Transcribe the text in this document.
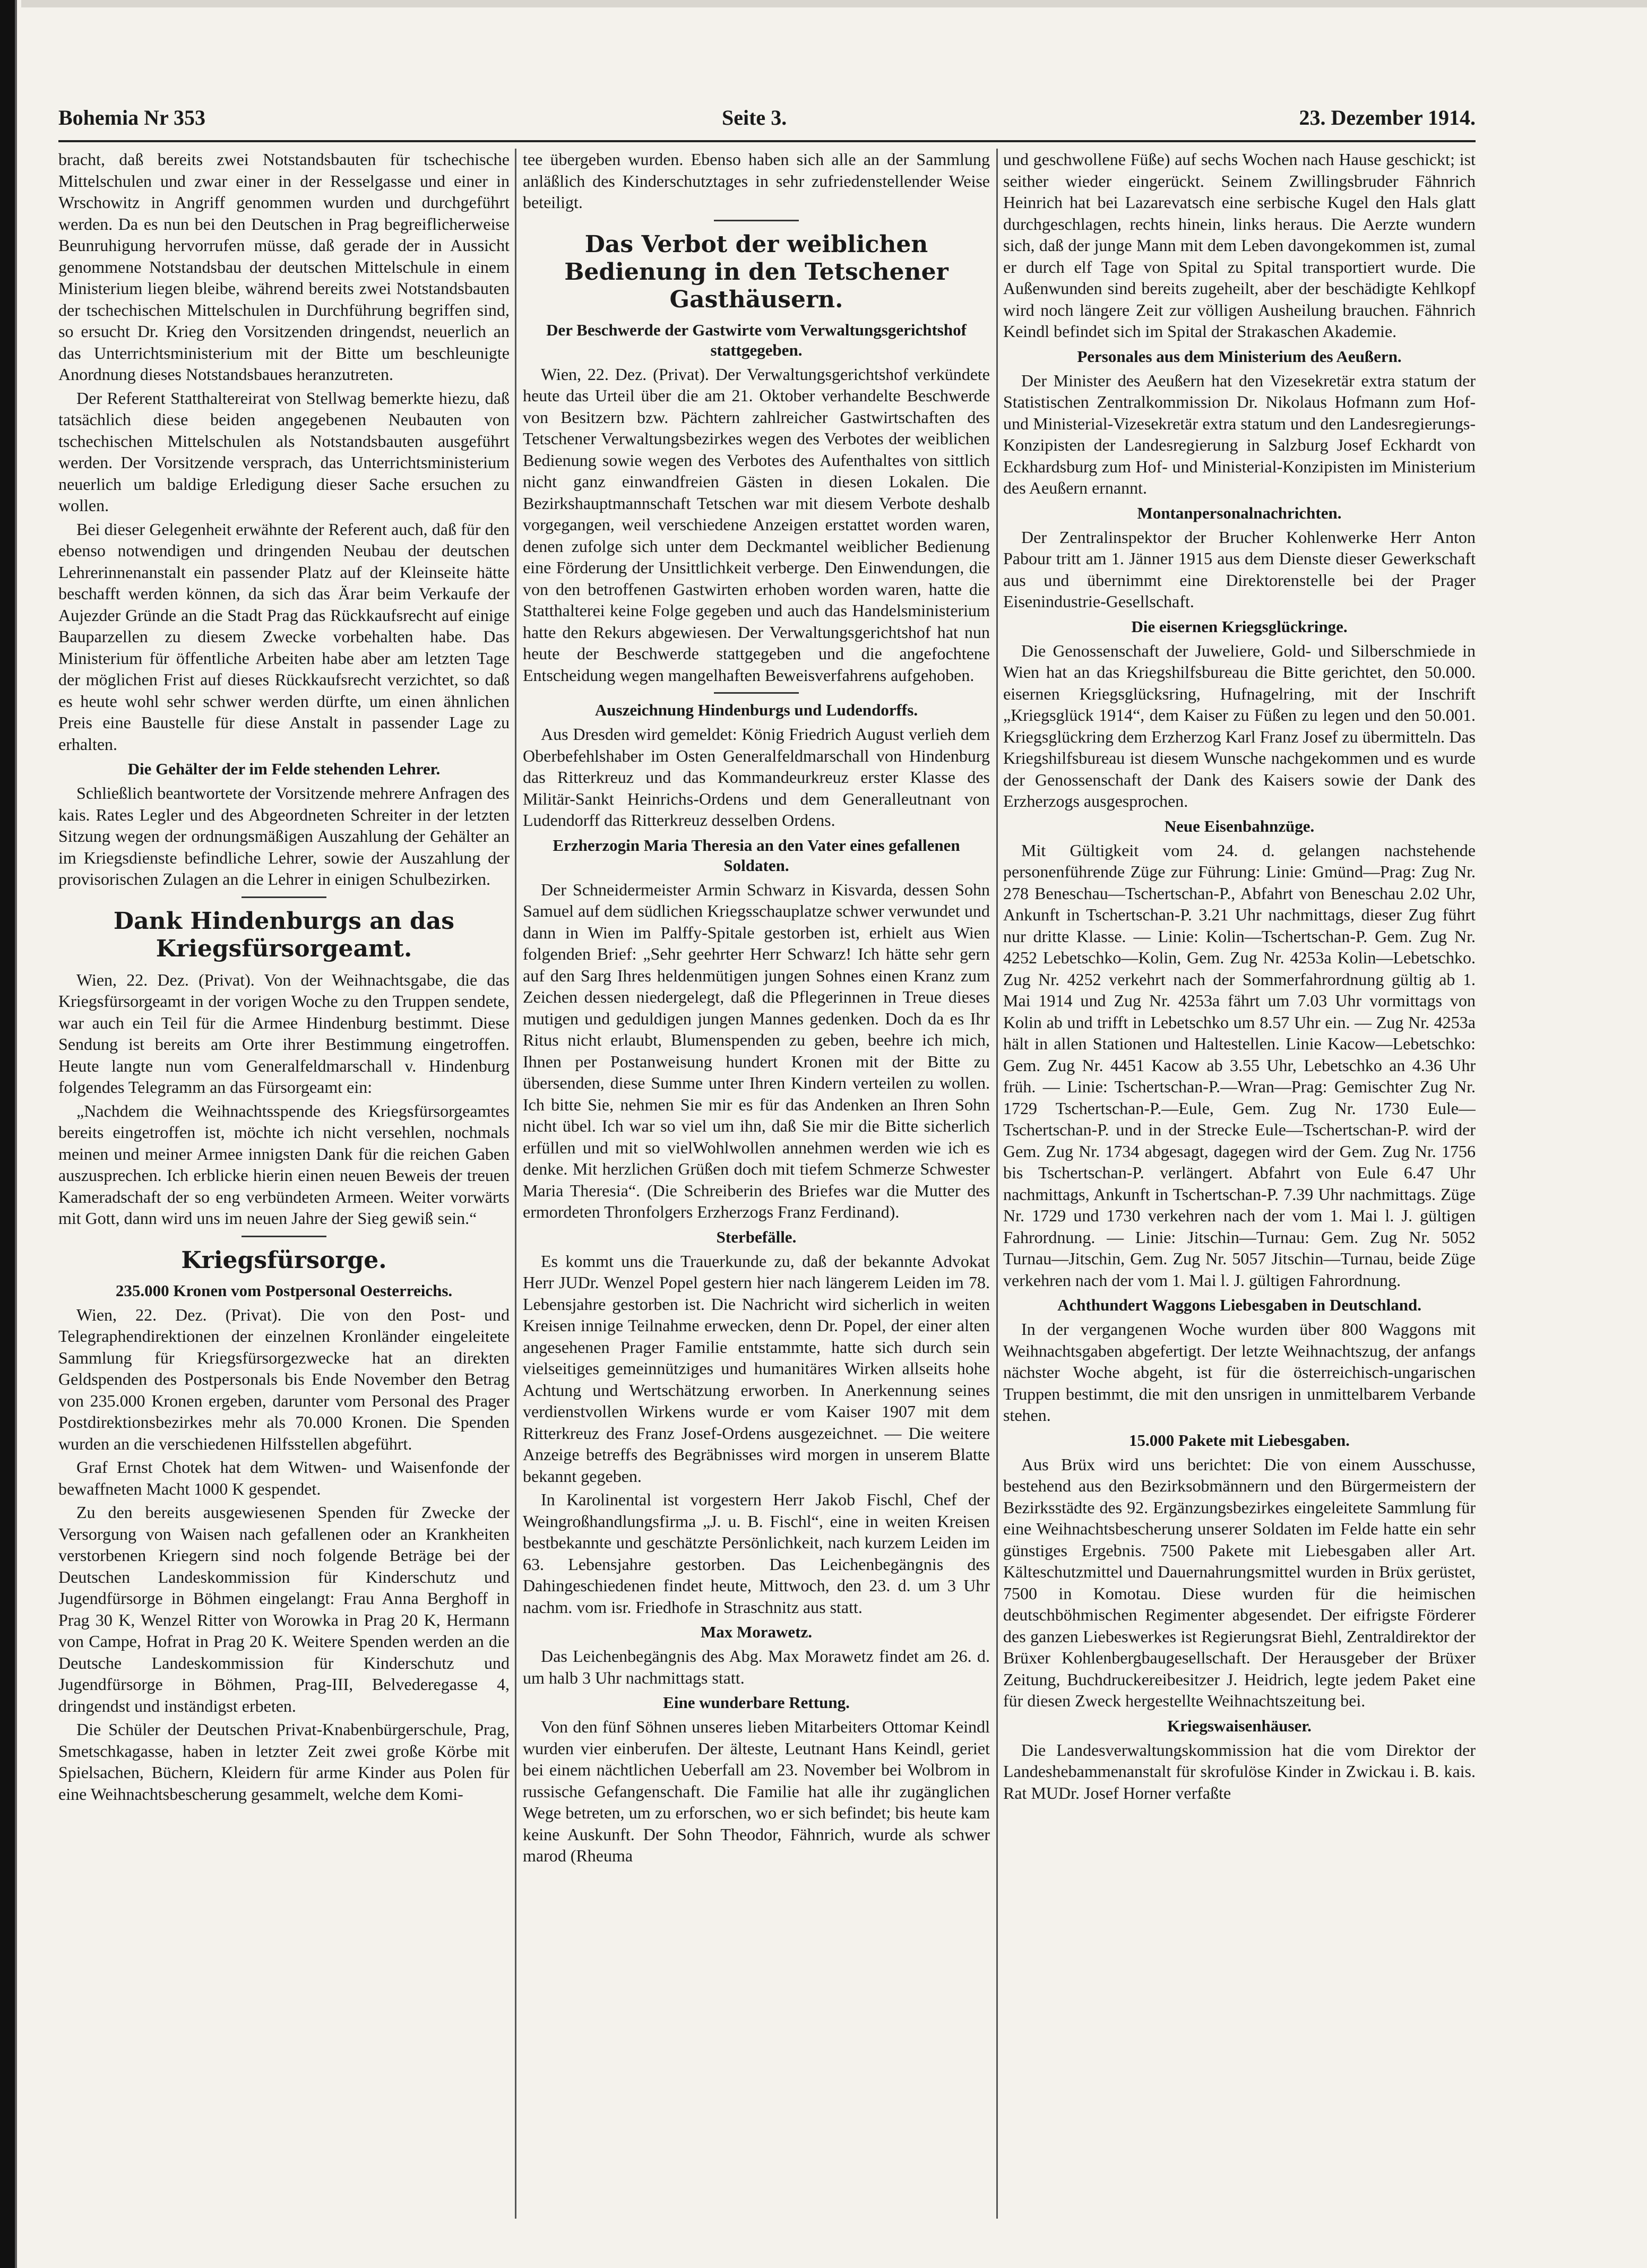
Bohemia Nr 353	Seite 3.	23. Dezember 1914.

bracht, daß bereits zwei Notstandsbauten für tschechische Mittelschulen und zwar einer in der Resselgasse und einer in Wrschowitz in Angriff genommen wurden und durchgeführt werden. Da es nun bei den Deutschen in Prag begreiflicherweise Beunruhigung hervorrufen müsse, daß gerade der in Aussicht genommene Notstandsbau der deutschen Mittelschule in einem Ministerium liegen bleibe, während bereits zwei Notstandsbauten der tschechischen Mittelschulen in Durchführung begriffen sind, so ersucht Dr. Krieg den Vorsitzenden dringendst, neuerlich an das Unterrichtsministerium mit der Bitte um beschleunigte Anordnung dieses Notstandsbaues heranzutreten.

Der Referent Statthaltereirat von Stellwag bemerkte hiezu, daß tatsächlich diese beiden angegebenen Neubauten von tschechischen Mittelschulen als Notstandsbauten ausgeführt werden. Der Vorsitzende versprach, das Unterrichtsministerium neuerlich um baldige Erledigung dieser Sache ersuchen zu wollen.

Bei dieser Gelegenheit erwähnte der Referent auch, daß für den ebenso notwendigen und dringenden Neubau der deutschen Lehrerinnenanstalt ein passender Platz auf der Kleinseite hätte beschafft werden können, da sich das Ärar beim Verkaufe der Aujezder Gründe an die Stadt Prag das Rückkaufsrecht auf einige Bauparzellen zu diesem Zwecke vorbehalten habe. Das Ministerium für öffentliche Arbeiten habe aber am letzten Tage der möglichen Frist auf dieses Rückkaufsrecht verzichtet, so daß es heute wohl sehr schwer werden dürfte, um einen ähnlichen Preis eine Baustelle für diese Anstalt in passender Lage zu erhalten.

Die Gehälter der im Felde stehenden Lehrer.

Schließlich beantwortete der Vorsitzende mehrere Anfragen des kais. Rates Legler und des Abgeordneten Schreiter in der letzten Sitzung wegen der ordnungsmäßigen Auszahlung der Gehälter an im Kriegsdienste befindliche Lehrer, sowie der Auszahlung der provisorischen Zulagen an die Lehrer in einigen Schulbezirken.

Dank Hindenburgs an das Kriegsfürsorgeamt.

Wien, 22. Dez. (Privat). Von der Weihnachtsgabe, die das Kriegsfürsorgeamt in der vorigen Woche zu den Truppen sendete, war auch ein Teil für die Armee Hindenburg bestimmt. Diese Sendung ist bereits am Orte ihrer Bestimmung eingetroffen. Heute langte nun vom Generalfeldmarschall v. Hindenburg folgendes Telegramm an das Fürsorgeamt ein:

„Nachdem die Weihnachtsspende des Kriegsfürsorgeamtes bereits eingetroffen ist, möchte ich nicht versehlen, nochmals meinen und meiner Armee innigsten Dank für die reichen Gaben auszusprechen. Ich erblicke hierin einen neuen Beweis der treuen Kameradschaft der so eng verbündeten Armeen. Weiter vorwärts mit Gott, dann wird uns im neuen Jahre der Sieg gewiß sein.“

Kriegsfürsorge.
235.000 Kronen vom Postpersonal Oesterreichs.

Wien, 22. Dez. (Privat). Die von den Post- und Telegraphendirektionen der einzelnen Kronländer eingeleitete Sammlung für Kriegsfürsorgezwecke hat an direkten Geldspenden des Postpersonals bis Ende November den Betrag von 235.000 Kronen ergeben, darunter vom Personal des Prager Postdirektionsbezirkes mehr als 70.000 Kronen. Die Spenden wurden an die verschiedenen Hilfsstellen abgeführt.

Graf Ernst Chotek hat dem Witwen- und Waisenfonde der bewaffneten Macht 1000 K gespendet.

Zu den bereits ausgewiesenen Spenden für Zwecke der Versorgung von Waisen nach gefallenen oder an Krankheiten verstorbenen Kriegern sind noch folgende Beträge bei der Deutschen Landeskommission für Kinderschutz und Jugendfürsorge in Böhmen eingelangt: Frau Anna Berghoff in Prag 30 K, Wenzel Ritter von Worowka in Prag 20 K, Hermann von Campe, Hofrat in Prag 20 K. Weitere Spenden werden an die Deutsche Landeskommission für Kinderschutz und Jugendfürsorge in Böhmen, Prag-III, Belvederegasse 4, dringendst und inständigst erbeten.

Die Schüler der Deutschen Privat-Knabenbürgerschule, Prag, Smetschkagasse, haben in letzter Zeit zwei große Körbe mit Spielsachen, Büchern, Kleidern für arme Kinder aus Polen für eine Weihnachtsbescherung gesammelt, welche dem Komi-

tee übergeben wurden. Ebenso haben sich alle an der Sammlung anläßlich des Kinderschutztages in sehr zufriedenstellender Weise beteiligt.

Das Verbot der weiblichen Bedienung in den Tetschener Gasthäusern.
Der Beschwerde der Gastwirte vom Verwaltungsgerichtshof stattgegeben.

Wien, 22. Dez. (Privat). Der Verwaltungsgerichtshof verkündete heute das Urteil über die am 21. Oktober verhandelte Beschwerde von Besitzern bzw. Pächtern zahlreicher Gastwirtschaften des Tetschener Verwaltungsbezirkes wegen des Verbotes der weiblichen Bedienung sowie wegen des Verbotes des Aufenthaltes von sittlich nicht ganz einwandfreien Gästen in diesen Lokalen. Die Bezirkshauptmannschaft Tetschen war mit diesem Verbote deshalb vorgegangen, weil verschiedene Anzeigen erstattet worden waren, denen zufolge sich unter dem Deckmantel weiblicher Bedienung eine Förderung der Unsittlichkeit verberge. Den Einwendungen, die von den betroffenen Gastwirten erhoben worden waren, hatte die Statthalterei keine Folge gegeben und auch das Handelsministerium hatte den Rekurs abgewiesen. Der Verwaltungsgerichtshof hat nun heute der Beschwerde stattgegeben und die angefochtene Entscheidung wegen mangelhaften Beweisverfahrens aufgehoben.

Auszeichnung Hindenburgs und Ludendorffs.

Aus Dresden wird gemeldet: König Friedrich August verlieh dem Oberbefehlshaber im Osten Generalfeldmarschall von Hindenburg das Ritterkreuz und das Kommandeurkreuz erster Klasse des Militär-Sankt Heinrichs-Ordens und dem Generalleutnant von Ludendorff das Ritterkreuz desselben Ordens.

Erzherzogin Maria Theresia an den Vater eines gefallenen Soldaten.

Der Schneidermeister Armin Schwarz in Kisvarda, dessen Sohn Samuel auf dem südlichen Kriegsschauplatze schwer verwundet und dann in Wien im Palffy-Spitale gestorben ist, erhielt aus Wien folgenden Brief: „Sehr geehrter Herr Schwarz! Ich hätte sehr gern auf den Sarg Ihres heldenmütigen jungen Sohnes einen Kranz zum Zeichen dessen niedergelegt, daß die Pflegerinnen in Treue dieses mutigen und geduldigen jungen Mannes gedenken. Doch da es Ihr Ritus nicht erlaubt, Blumenspenden zu geben, beehre ich mich, Ihnen per Postanweisung hundert Kronen mit der Bitte zu übersenden, diese Summe unter Ihren Kindern verteilen zu wollen. Ich bitte Sie, nehmen Sie mir es für das Andenken an Ihren Sohn nicht übel. Ich war so viel um ihn, daß Sie mir die Bitte sicherlich erfüllen und mit so vielWohlwollen annehmen werden wie ich es denke. Mit herzlichen Grüßen doch mit tiefem Schmerze Schwester Maria Theresia“. (Die Schreiberin des Briefes war die Mutter des ermordeten Thronfolgers Erzherzogs Franz Ferdinand).

Sterbefälle.

Es kommt uns die Trauerkunde zu, daß der bekannte Advokat Herr JUDr. Wenzel Popel gestern hier nach längerem Leiden im 78. Lebensjahre gestorben ist. Die Nachricht wird sicherlich in weiten Kreisen innige Teilnahme erwecken, denn Dr. Popel, der einer alten angesehenen Prager Familie entstammte, hatte sich durch sein vielseitiges gemeinnütziges und humanitäres Wirken allseits hohe Achtung und Wertschätzung erworben. In Anerkennung seines verdienstvollen Wirkens wurde er vom Kaiser 1907 mit dem Ritterkreuz des Franz Josef-Ordens ausgezeichnet. — Die weitere Anzeige betreffs des Begräbnisses wird morgen in unserem Blatte bekannt gegeben.

In Karolinental ist vorgestern Herr Jakob Fischl, Chef der Weingroßhandlungsfirma „J. u. B. Fischl“, eine in weiten Kreisen bestbekannte und geschätzte Persönlichkeit, nach kurzem Leiden im 63. Lebensjahre gestorben. Das Leichenbegängnis des Dahingeschiedenen findet heute, Mittwoch, den 23. d. um 3 Uhr nachm. vom isr. Friedhofe in Straschnitz aus statt.

Max Morawetz.

Das Leichenbegängnis des Abg. Max Morawetz findet am 26. d. um halb 3 Uhr nachmittags statt.

Eine wunderbare Rettung.

Von den fünf Söhnen unseres lieben Mitarbeiters Ottomar Keindl wurden vier einberufen. Der älteste, Leutnant Hans Keindl, geriet bei einem nächtlichen Ueberfall am 23. November bei Wolbrom in russische Gefangenschaft. Die Familie hat alle ihr zugänglichen Wege betreten, um zu erforschen, wo er sich befindet; bis heute kam keine Auskunft. Der Sohn Theodor, Fähnrich, wurde als schwer marod (Rheuma

und geschwollene Füße) auf sechs Wochen nach Hause geschickt; ist seither wieder eingerückt. Seinem Zwillingsbruder Fähnrich Heinrich hat bei Lazarevatsch eine serbische Kugel den Hals glatt durchgeschlagen, rechts hinein, links heraus. Die Aerzte wundern sich, daß der junge Mann mit dem Leben davongekommen ist, zumal er durch elf Tage von Spital zu Spital transportiert wurde. Die Außenwunden sind bereits zugeheilt, aber der beschädigte Kehlkopf wird noch längere Zeit zur völligen Ausheilung brauchen. Fähnrich Keindl befindet sich im Spital der Strakaschen Akademie.

Personales aus dem Ministerium des Aeußern.

Der Minister des Aeußern hat den Vizesekretär extra statum der Statistischen Zentralkommission Dr. Nikolaus Hofmann zum Hof- und Ministerial-Vizesekretär extra statum und den Landesregierungs-Konzipisten der Landesregierung in Salzburg Josef Eckhardt von Eckhardsburg zum Hof- und Ministerial-Konzipisten im Ministerium des Aeußern ernannt.

Montanpersonalnachrichten.

Der Zentralinspektor der Brucher Kohlenwerke Herr Anton Pabour tritt am 1. Jänner 1915 aus dem Dienste dieser Gewerkschaft aus und übernimmt eine Direktorenstelle bei der Prager Eisenindustrie-Gesellschaft.

Die eisernen Kriegsglückringe.

Die Genossenschaft der Juweliere, Gold- und Silberschmiede in Wien hat an das Kriegshilfsbureau die Bitte gerichtet, den 50.000. eisernen Kriegsglücksring, Hufnagelring, mit der Inschrift „Kriegsglück 1914“, dem Kaiser zu Füßen zu legen und den 50.001. Kriegsglückring dem Erzherzog Karl Franz Josef zu übermitteln. Das Kriegshilfsbureau ist diesem Wunsche nachgekommen und es wurde der Genossenschaft der Dank des Kaisers sowie der Dank des Erzherzogs ausgesprochen.

Neue Eisenbahnzüge.

Mit Gültigkeit vom 24. d. gelangen nachstehende personenführende Züge zur Führung: Linie: Gmünd—Prag: Zug Nr. 278 Beneschau—Tschertschan-P., Abfahrt von Beneschau 2.02 Uhr, Ankunft in Tschertschan-P. 3.21 Uhr nachmittags, dieser Zug führt nur dritte Klasse. — Linie: Kolin—Tschertschan-P. Gem. Zug Nr. 4252 Lebetschko—Kolin, Gem. Zug Nr. 4253a Kolin—Lebetschko. Zug Nr. 4252 verkehrt nach der Sommerfahrordnung gültig ab 1. Mai 1914 und Zug Nr. 4253a fährt um 7.03 Uhr vormittags von Kolin ab und trifft in Lebetschko um 8.57 Uhr ein. — Zug Nr. 4253a hält in allen Stationen und Haltestellen. Linie Kacow—Lebetschko: Gem. Zug Nr. 4451 Kacow ab 3.55 Uhr, Lebetschko an 4.36 Uhr früh. — Linie: Tschertschan-P.—Wran—Prag: Gemischter Zug Nr. 1729 Tschertschan-P.—Eule, Gem. Zug Nr. 1730 Eule—Tschertschan-P. und in der Strecke Eule—Tschertschan-P. wird der Gem. Zug Nr. 1734 abgesagt, dagegen wird der Gem. Zug Nr. 1756 bis Tschertschan-P. verlängert. Abfahrt von Eule 6.47 Uhr nachmittags, Ankunft in Tschertschan-P. 7.39 Uhr nachmittags. Züge Nr. 1729 und 1730 verkehren nach der vom 1. Mai l. J. gültigen Fahrordnung. — Linie: Jitschin—Turnau: Gem. Zug Nr. 5052 Turnau—Jitschin, Gem. Zug Nr. 5057 Jitschin—Turnau, beide Züge verkehren nach der vom 1. Mai l. J. gültigen Fahrordnung.

Achthundert Waggons Liebesgaben in Deutschland.

In der vergangenen Woche wurden über 800 Waggons mit Weihnachtsgaben abgefertigt. Der letzte Weihnachtszug, der anfangs nächster Woche abgeht, ist für die österreichisch-ungarischen Truppen bestimmt, die mit den unsrigen in unmittelbarem Verbande stehen.

15.000 Pakete mit Liebesgaben.

Aus Brüx wird uns berichtet: Die von einem Ausschusse, bestehend aus den Bezirksobmännern und den Bürgermeistern der Bezirksstädte des 92. Ergänzungsbezirkes eingeleitete Sammlung für eine Weihnachtsbescherung unserer Soldaten im Felde hatte ein sehr günstiges Ergebnis. 7500 Pakete mit Liebesgaben aller Art. Kälteschutzmittel und Dauernahrungsmittel wurden in Brüx gerüstet, 7500 in Komotau. Diese wurden für die heimischen deutschböhmischen Regimenter abgesendet. Der eifrigste Förderer des ganzen Liebeswerkes ist Regierungsrat Biehl, Zentraldirektor der Brüxer Kohlenbergbaugesellschaft. Der Herausgeber der Brüxer Zeitung, Buchdruckereibesitzer J. Heidrich, legte jedem Paket eine für diesen Zweck hergestellte Weihnachtszeitung bei.

Kriegswaisenhäuser.

Die Landesverwaltungskommission hat die vom Direktor der Landeshebammenanstalt für skrofulöse Kinder in Zwickau i. B. kais. Rat MUDr. Josef Horner verfaßte
